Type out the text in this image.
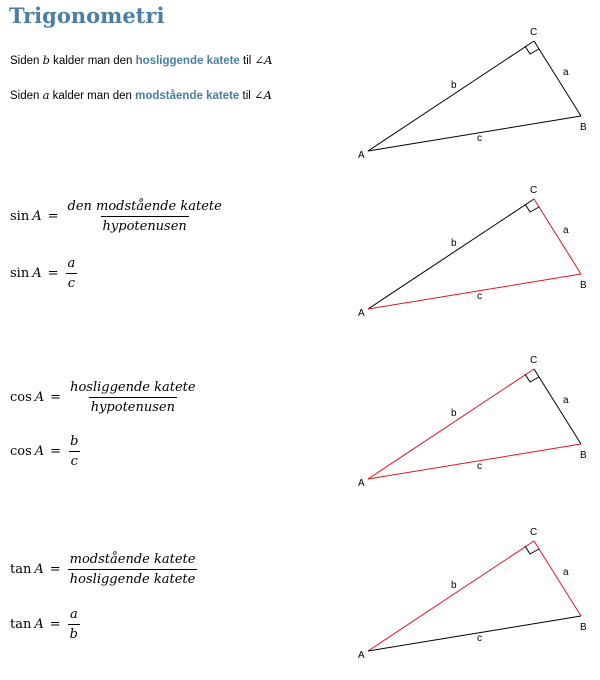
Trigonometri

Siden b kalder man den hosliggende katete til ∠A

Siden a kalder man den modstående katete til ∠A

$\sin A = \frac{\text{den modstående katete}}{\text{hypotenusen}}$
$\sin A = \frac{a}{c}$
$\cos A = \frac{\text{hosliggende katete}}{\text{hypotenusen}}$
$\cos A = \frac{b}{c}$
$\tan A = \frac{\text{modstående katete}}{\text{hosliggende katete}}$
$\tan A = \frac{a}{b}$
A
B
C
a
b
c
A
B
C
a
b
c
A
B
C
a
b
c
A
B
C
a
b
c
